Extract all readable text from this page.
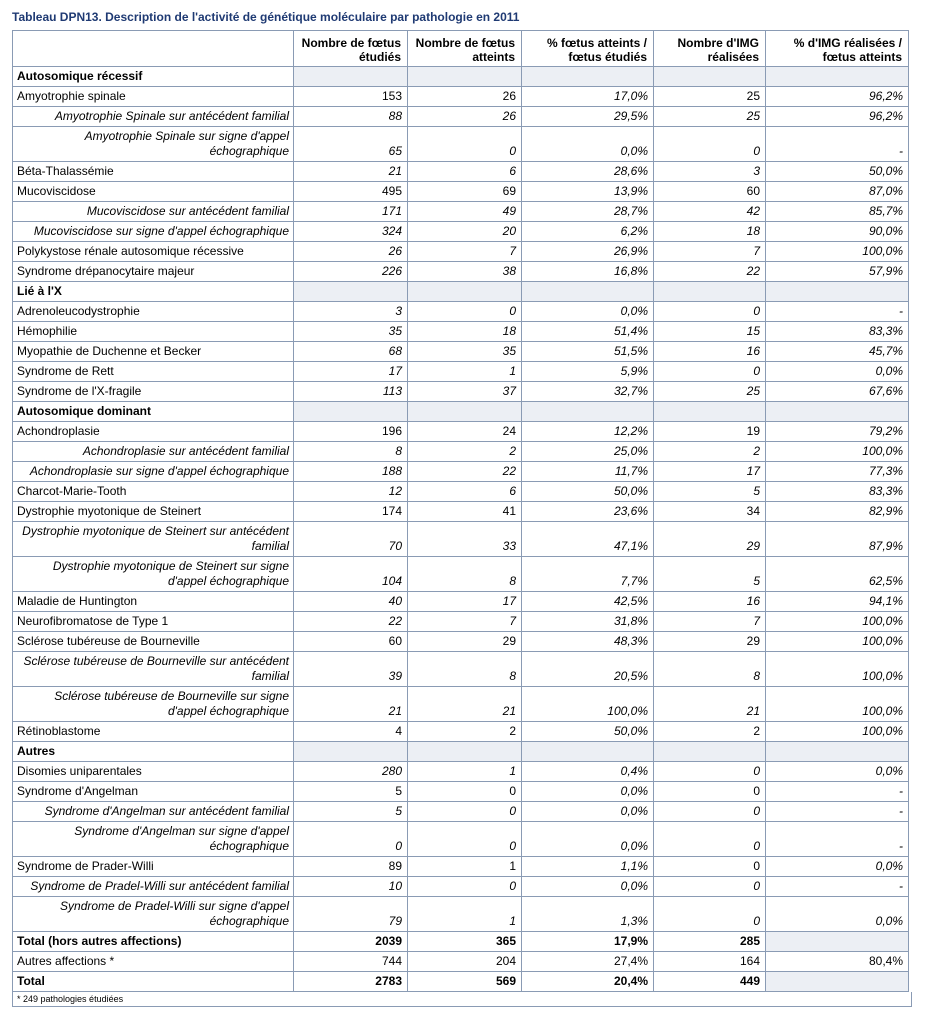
Tableau DPN13. Description de l'activité de génétique moléculaire par pathologie en 2011
	Nombre de fœtus étudiés	Nombre de fœtus atteints	% fœtus atteints / fœtus étudiés	Nombre d'IMG réalisées	% d'IMG réalisées / fœtus atteints
Autosomique récessif					
Amyotrophie spinale	153	26	17,0%	25	96,2%
Amyotrophie Spinale sur antécédent familial	88	26	29,5%	25	96,2%
Amyotrophie Spinale sur signe d'appel échographique	65	0	0,0%	0	-
Béta-Thalassémie	21	6	28,6%	3	50,0%
Mucoviscidose	495	69	13,9%	60	87,0%
Mucoviscidose sur antécédent familial	171	49	28,7%	42	85,7%
Mucoviscidose sur signe d'appel échographique	324	20	6,2%	18	90,0%
Polykystose rénale autosomique récessive	26	7	26,9%	7	100,0%
Syndrome drépanocytaire majeur	226	38	16,8%	22	57,9%
Lié à l'X					
Adrenoleucodystrophie	3	0	0,0%	0	-
Hémophilie	35	18	51,4%	15	83,3%
Myopathie de Duchenne et Becker	68	35	51,5%	16	45,7%
Syndrome de Rett	17	1	5,9%	0	0,0%
Syndrome de l'X-fragile	113	37	32,7%	25	67,6%
Autosomique dominant					
Achondroplasie	196	24	12,2%	19	79,2%
Achondroplasie sur antécédent familial	8	2	25,0%	2	100,0%
Achondroplasie sur signe d'appel échographique	188	22	11,7%	17	77,3%
Charcot-Marie-Tooth	12	6	50,0%	5	83,3%
Dystrophie myotonique de Steinert	174	41	23,6%	34	82,9%
Dystrophie myotonique de Steinert sur antécédent familial	70	33	47,1%	29	87,9%
Dystrophie myotonique de Steinert sur signe d'appel échographique	104	8	7,7%	5	62,5%
Maladie de Huntington	40	17	42,5%	16	94,1%
Neurofibromatose de Type 1	22	7	31,8%	7	100,0%
Sclérose tubéreuse de Bourneville	60	29	48,3%	29	100,0%
Sclérose tubéreuse de Bourneville sur antécédent familial	39	8	20,5%	8	100,0%
Sclérose tubéreuse de Bourneville sur signe d'appel échographique	21	21	100,0%	21	100,0%
Rétinoblastome	4	2	50,0%	2	100,0%
Autres					
Disomies uniparentales	280	1	0,4%	0	0,0%
Syndrome d'Angelman	5	0	0,0%	0	-
Syndrome d'Angelman sur antécédent familial	5	0	0,0%	0	-
Syndrome d'Angelman sur signe d'appel échographique	0	0	0,0%	0	-
Syndrome de Prader-Willi	89	1	1,1%	0	0,0%
Syndrome de Pradel-Willi sur antécédent familial	10	0	0,0%	0	-
Syndrome de Pradel-Willi sur signe d'appel échographique	79	1	1,3%	0	0,0%
Total (hors autres affections)	2039	365	17,9%	285	
Autres affections *	744	204	27,4%	164	80,4%
Total	2783	569	20,4%	449	
* 249 pathologies étudiées
